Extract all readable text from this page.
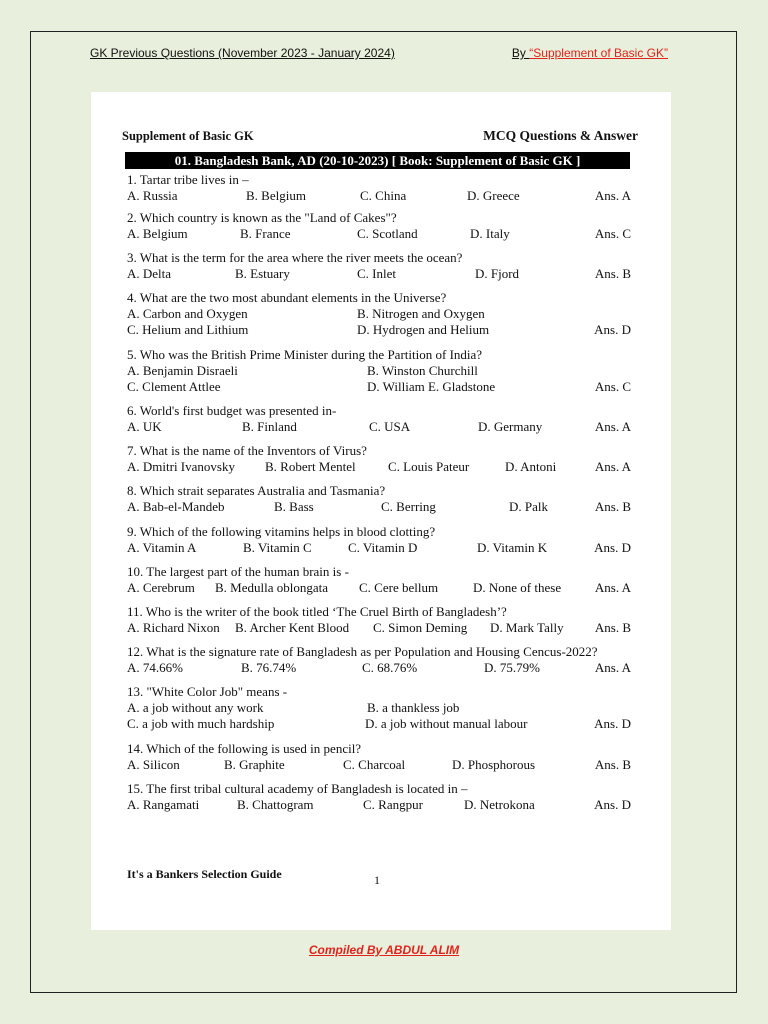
GK Previous Questions (November 2023 - January 2024)	By “Supplement of Basic GK”
Supplement of Basic GK	MCQ Questions & Answer
01. Bangladesh Bank, AD (20-10-2023) [ Book: Supplement of Basic GK ]
1. Tartar tribe lives in –
A. Russia	B. Belgium	C. China	D. Greece	Ans. A
2. Which country is known as the "Land of Cakes"?
A. Belgium	B. France	C. Scotland	D. Italy	Ans. C
3. What is the term for the area where the river meets the ocean?
A. Delta	B. Estuary	C. Inlet	D. Fjord	Ans. B
4. What are the two most abundant elements in the Universe?
A. Carbon and Oxygen	B. Nitrogen and Oxygen
C. Helium and Lithium	D. Hydrogen and Helium	Ans. D
5. Who was the British Prime Minister during the Partition of India?
A. Benjamin Disraeli	B. Winston Churchill
C. Clement Attlee	D. William E. Gladstone	Ans. C
6. World's first budget was presented in-
A. UK	B. Finland	C. USA	D. Germany	Ans. A
7. What is the name of the Inventors of Virus?
A. Dmitri Ivanovsky B. Robert Mentel C. Louis Pateur	D. Antoni	Ans. A
8. Which strait separates Australia and Tasmania?
A. Bab-el-Mandeb	B. Bass	C. Berring	D. Palk	Ans. B
9. Which of the following vitamins helps in blood clotting?
A. Vitamin A	B. Vitamin C	C. Vitamin D	D. Vitamin K	Ans. D
10. The largest part of the human brain is -
A. Cerebrum B. Medulla oblongata C. Cere bellum	D. None of these	Ans. A
11. Who is the writer of the book titled ‘The Cruel Birth of Bangladesh’?
A. Richard Nixon B. Archer Kent Blood C. Simon Deming D. Mark Tally Ans. B
12. What is the signature rate of Bangladesh as per Population and Housing Cencus-2022?
A. 74.66%	B. 76.74%	C. 68.76%	D. 75.79%	Ans. A
13. "White Color Job" means -
A. a job without any work	B. a thankless job
C. a job with much hardship	D. a job without manual labour	Ans. D
14. Which of the following is used in pencil?
A. Silicon	B. Graphite	C. Charcoal	D. Phosphorous	Ans. B
15. The first tribal cultural academy of Bangladesh is located in –
A. Rangamati	B. Chattogram	C. Rangpur	D. Netrokona	Ans. D
It's a Bankers Selection Guide	1
Compiled By ABDUL ALIM
